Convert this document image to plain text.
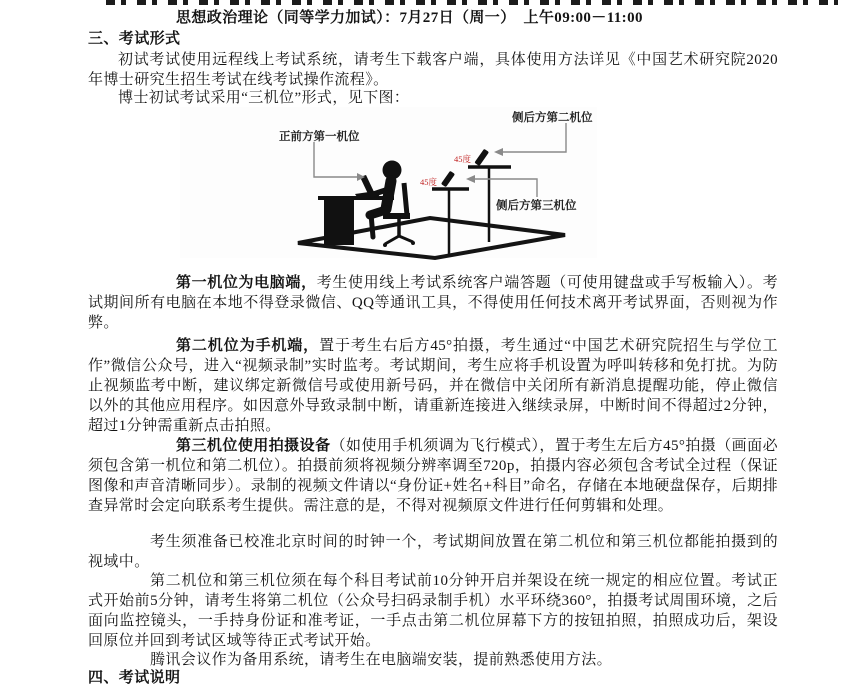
思想政治理论（同等学力加试）：7月27日（周一）　上午09:00－11:00
三、考试形式
初试考试使用远程线上考试系统，请考生下载客户端，具体使用方法详见《中国艺术研究院2020年博士研究生招生考试在线考试操作流程》。
博士初试考试采用“三机位”形式，见下图：
45度
45度
侧后方第二机位
正前方第一机位
侧后方第三机位
第一机位为电脑端，考生使用线上考试系统客户端答题（可使用键盘或手写板输入）。考试期间所有电脑在本地不得登录微信、QQ等通讯工具，不得使用任何技术离开考试界面，否则视为作弊。
第二机位为手机端，置于考生右后方45°拍摄，考生通过“中国艺术研究院招生与学位工作”微信公众号，进入“视频录制”实时监考。考试期间，考生应将手机设置为呼叫转移和免打扰。为防止视频监考中断，建议绑定新微信号或使用新号码，并在微信中关闭所有新消息提醒功能，停止微信以外的其他应用程序。如因意外导致录制中断，请重新连接进入继续录屏，中断时间不得超过2分钟，超过1分钟需重新点击拍照。
第三机位使用拍摄设备（如使用手机须调为飞行模式），置于考生左后方45°拍摄（画面必须包含第一机位和第二机位）。拍摄前须将视频分辨率调至720p，拍摄内容必须包含考试全过程（保证图像和声音清晰同步）。录制的视频文件请以“身份证+姓名+科目”命名，存储在本地硬盘保存，后期排查异常时会定向联系考生提供。需注意的是，不得对视频原文件进行任何剪辑和处理。
考生须准备已校准北京时间的时钟一个，考试期间放置在第二机位和第三机位都能拍摄到的视域中。
第二机位和第三机位须在每个科目考试前10分钟开启并架设在统一规定的相应位置。考试正式开始前5分钟，请考生将第二机位（公众号扫码录制手机）水平环绕360°，拍摄考试周围环境，之后面向监控镜头，一手持身份证和准考证，一手点击第二机位屏幕下方的按钮拍照，拍照成功后，架设回原位并回到考试区域等待正式考试开始。
腾讯会议作为备用系统，请考生在电脑端安装，提前熟悉使用方法。
四、考试说明
